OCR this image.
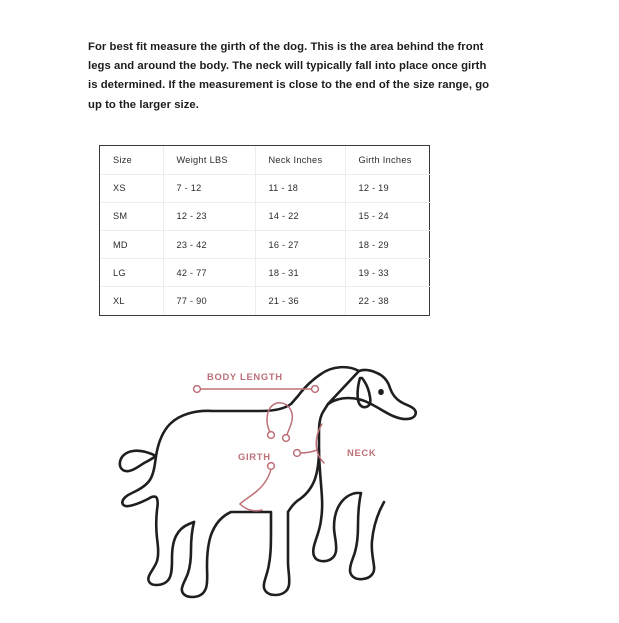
For best fit measure the girth of the dog. This is the area behind the front legs and around the body. The neck will typically fall into place once girth is determined. If the measurement is close to the end of the size range, go up to the larger size.
Size	Weight LBS	Neck Inches	Girth Inches
XS	7 - 12	11 - 18	12 - 19
SM	12 - 23	14 - 22	15 - 24
MD	23 - 42	16 - 27	18 - 29
LG	42 - 77	18 - 31	19 - 33
XL	77 - 90	21 - 36	22 - 38
BODY LENGTH
GIRTH	NECK
